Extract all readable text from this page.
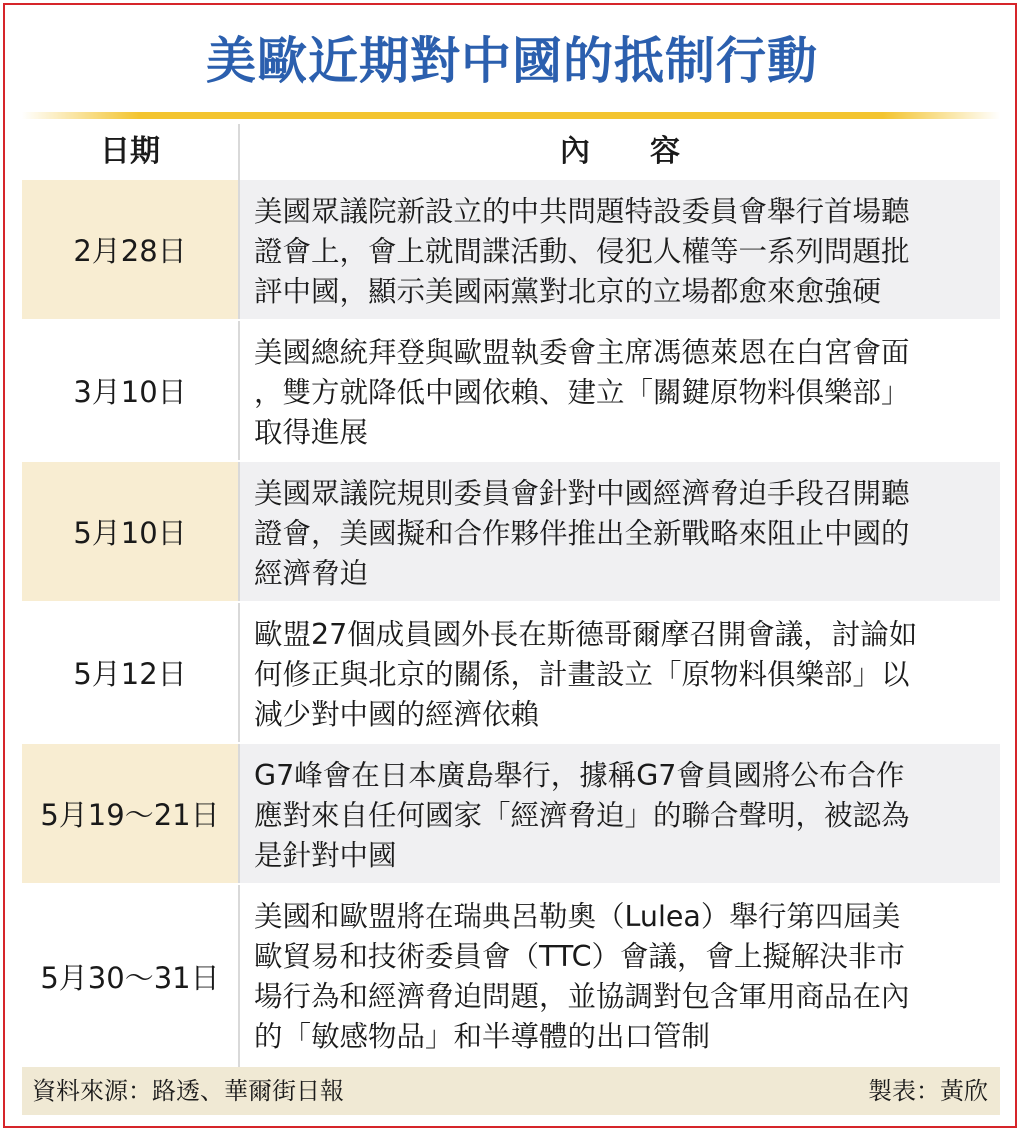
美歐近期對中國的抵制行動
日期	內容
2月28日
美國眾議院新設立的中共問題特設委員會舉行首場聽
證會上，會上就間諜活動、侵犯人權等一系列問題批
評中國，顯示美國兩黨對北京的立場都愈來愈強硬
3月10日
美國總統拜登與歐盟執委會主席馮德萊恩在白宮會面
，雙方就降低中國依賴、建立「關鍵原物料俱樂部」
取得進展
5月10日
美國眾議院規則委員會針對中國經濟脅迫手段召開聽
證會，美國擬和合作夥伴推出全新戰略來阻止中國的
經濟脅迫
5月12日
歐盟27個成員國外長在斯德哥爾摩召開會議，討論如
何修正與北京的關係，計畫設立「原物料俱樂部」以
減少對中國的經濟依賴
5月19～21日
G7峰會在日本廣島舉行，據稱G7會員國將公布合作
應對來自任何國家「經濟脅迫」的聯合聲明，被認為
是針對中國
5月30～31日
美國和歐盟將在瑞典呂勒奧（Lulea）舉行第四屆美
歐貿易和技術委員會（TTC）會議，會上擬解決非市
場行為和經濟脅迫問題，並協調對包含軍用商品在內
的「敏感物品」和半導體的出口管制
資料來源：路透、華爾街日報	製表：黃欣
